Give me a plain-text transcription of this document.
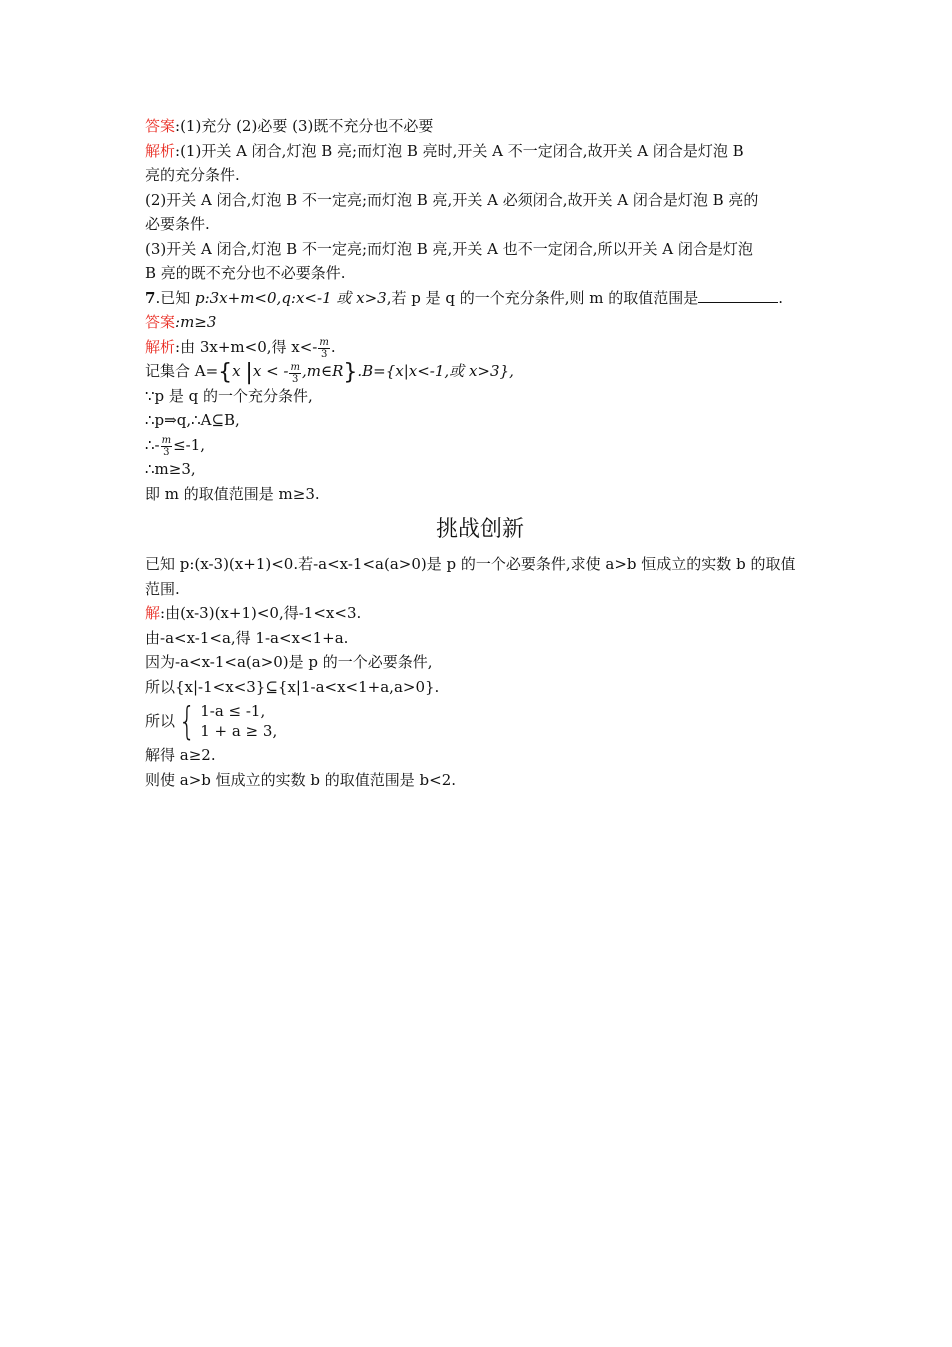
答案:(1)充分 (2)必要 (3)既不充分也不必要
解析:(1)开关 A 闭合,灯泡 B 亮;而灯泡 B 亮时,开关 A 不一定闭合,故开关 A 闭合是灯泡 B
亮的充分条件.
(2)开关 A 闭合,灯泡 B 不一定亮;而灯泡 B 亮,开关 A 必须闭合,故开关 A 闭合是灯泡 B 亮的
必要条件.
(3)开关 A 闭合,灯泡 B 不一定亮;而灯泡 B 亮,开关 A 也不一定闭合,所以开关 A 闭合是灯泡
B 亮的既不充分也不必要条件.
7.已知 p:3x+m<0,q:x<-1 或 x>3,若 p 是 q 的一个充分条件,则 m 的取值范围是	.
答案:m≥3
解析:由 3x+m<0,得 $x<- \frac{m}{3}$ .
记集合 A={x |x < - $\frac{m}{3}$ ,m∈R}.B={x|x<-1,或 x>3},
∵p 是 q 的一个充分条件,
∴p⇒q,∴A⊆B,
∴- $\frac{m}{3} \le-1$,
∴m≥3,
即 m 的取值范围是 m≥3.
挑战创新
已知 p:(x-3)(x+1)<0.若-a<x-1<a(a>0)是 p 的一个必要条件,求使 a>b 恒成立的实数 b 的取值
范围.
解:由(x-3)(x+1)<0,得-1<x<3.
由-a<x-1<a,得 1-a<x<1+a.
因为-a<x-1<a(a>0)是 p 的一个必要条件,
所以{x|-1<x<3}⊆{x|1-a<x<1+a,a>0}.
所以 { 1-a ≤ -1,
1 + a ≥ 3,
解得 a≥2.
则使 a>b 恒成立的实数 b 的取值范围是 b<2.
